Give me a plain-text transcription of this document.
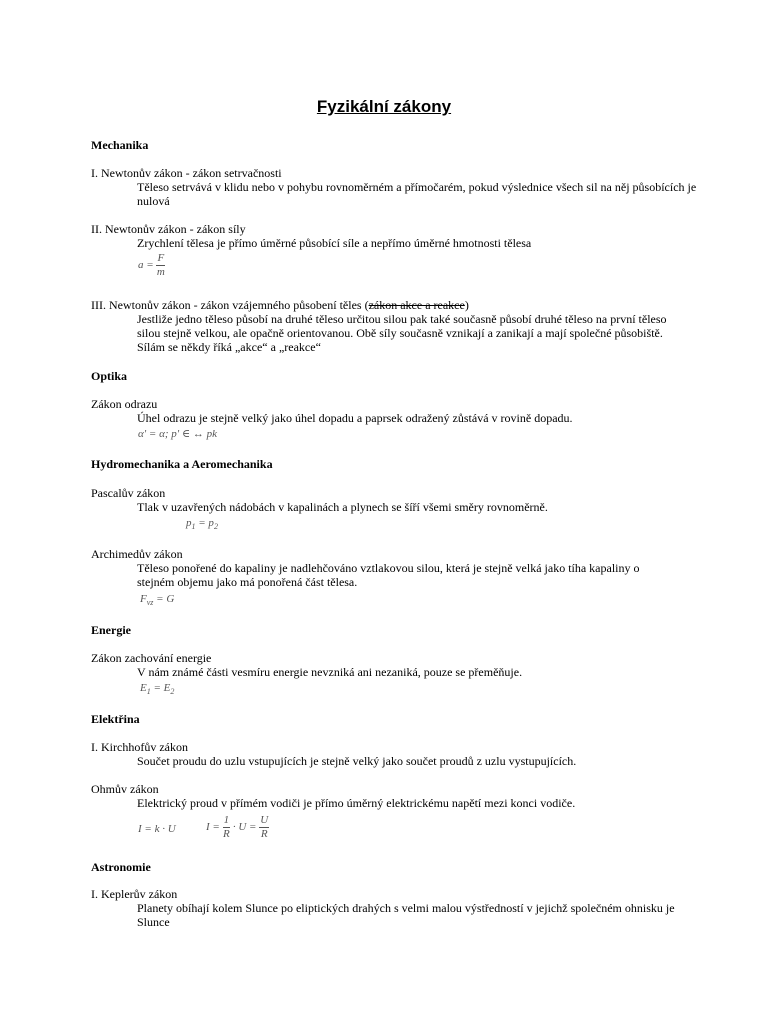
Fyzikální zákony
Mechanika
I. Newtonův zákon - zákon setrvačnosti
Těleso setrvává v klidu nebo v pohybu rovnoměrném a přímočarém, pokud výslednice všech sil na něj působících je nulová
II. Newtonův zákon - zákon síly
Zrychlení tělesa je přímo úměrné působící síle a nepřímo úměrné hmotnosti tělesa
$a = \frac{F}{m}$
III. Newtonův zákon - zákon vzájemného působení těles (zákon akce a reakce)
Jestliže jedno těleso působí na druhé těleso určitou silou pak také současně působí druhé těleso na první těleso silou stejně velkou, ale opačně orientovanou. Obě síly současně vznikají a zanikají a mají společné působiště. Sílám se někdy říká „akce“ a „reakce“
Optika
Zákon odrazu
Úhel odrazu je stejně velký jako úhel dopadu a paprsek odražený zůstává v rovině dopadu.
α′ = α; p′ ∈ ↔ pk
Hydromechanika a Aeromechanika
Pascalův zákon
Tlak v uzavřených nádobách v kapalinách a plynech se šíří všemi směry rovnoměrně.
$p_1 = p_2$
Archimedův zákon
Těleso ponořené do kapaliny je nadlehčováno vztlakovou silou, která je stejně velká jako tíha kapaliny o stejném objemu jako má ponořená část tělesa.
$F_{vz} = G$
Energie
Zákon zachování energie
V nám známé části vesmíru energie nevzniká ani nezaniká, pouze se přeměňuje.
$E_1 = E_2$
Elektřina
I. Kirchhofův zákon
Součet proudu do uzlu vstupujících je stejně velký jako součet proudů z uzlu vystupujících.
Ohmův zákon
Elektrický proud v přímém vodiči je přímo úměrný elektrickému napětí mezi konci vodiče.
I = k · U	$I = \frac{1}{R} \cdot U = \frac{U}{R}$
Astronomie
I. Keplerův zákon
Planety obíhají kolem Slunce po eliptických drahých s velmi malou výstředností v jejichž společném ohnisku je Slunce
